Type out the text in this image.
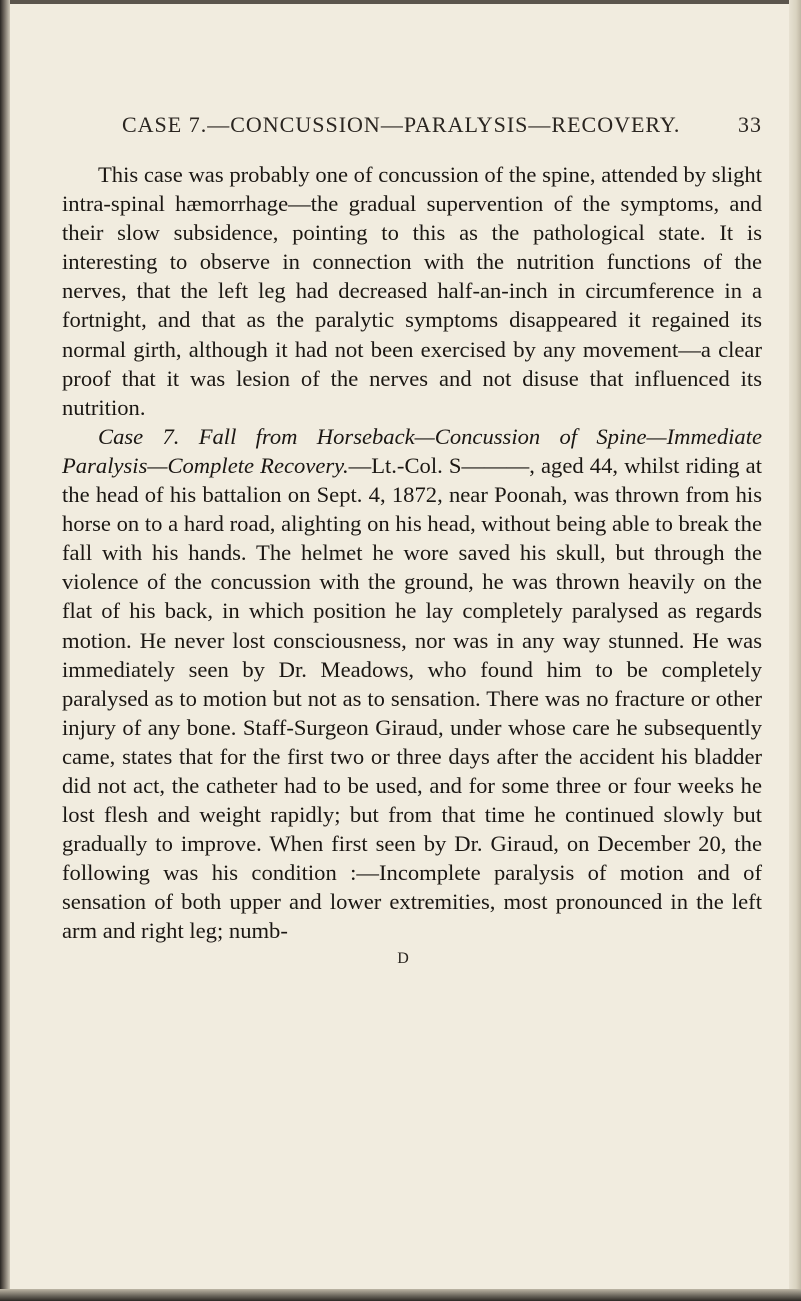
CASE 7.—CONCUSSION—PARALYSIS—RECOVERY.	33

This case was probably one of concussion of the spine, attended by slight intra-spinal hæmorrhage—the gradual supervention of the symptoms, and their slow subsidence, pointing to this as the pathological state. It is interesting to observe in connection with the nutrition functions of the nerves, that the left leg had decreased half-an-inch in circumference in a fortnight, and that as the paralytic symptoms disappeared it regained its normal girth, although it had not been exercised by any movement—a clear proof that it was lesion of the nerves and not disuse that influenced its nutrition.

Case 7. Fall from Horseback—Concussion of Spine—Immediate Paralysis—Complete Recovery.—Lt.-Col. S———, aged 44, whilst riding at the head of his battalion on Sept. 4, 1872, near Poonah, was thrown from his horse on to a hard road, alighting on his head, without being able to break the fall with his hands. The helmet he wore saved his skull, but through the violence of the concussion with the ground, he was thrown heavily on the flat of his back, in which position he lay completely paralysed as regards motion. He never lost consciousness, nor was in any way stunned. He was immediately seen by Dr. Meadows, who found him to be completely paralysed as to motion but not as to sensation. There was no fracture or other injury of any bone. Staff-Surgeon Giraud, under whose care he subsequently came, states that for the first two or three days after the accident his bladder did not act, the catheter had to be used, and for some three or four weeks he lost flesh and weight rapidly; but from that time he continued slowly but gradually to improve. When first seen by Dr. Giraud, on December 20, the following was his condition :—Incomplete paralysis of motion and of sensation of both upper and lower extremities, most pronounced in the left arm and right leg; numb-

D
